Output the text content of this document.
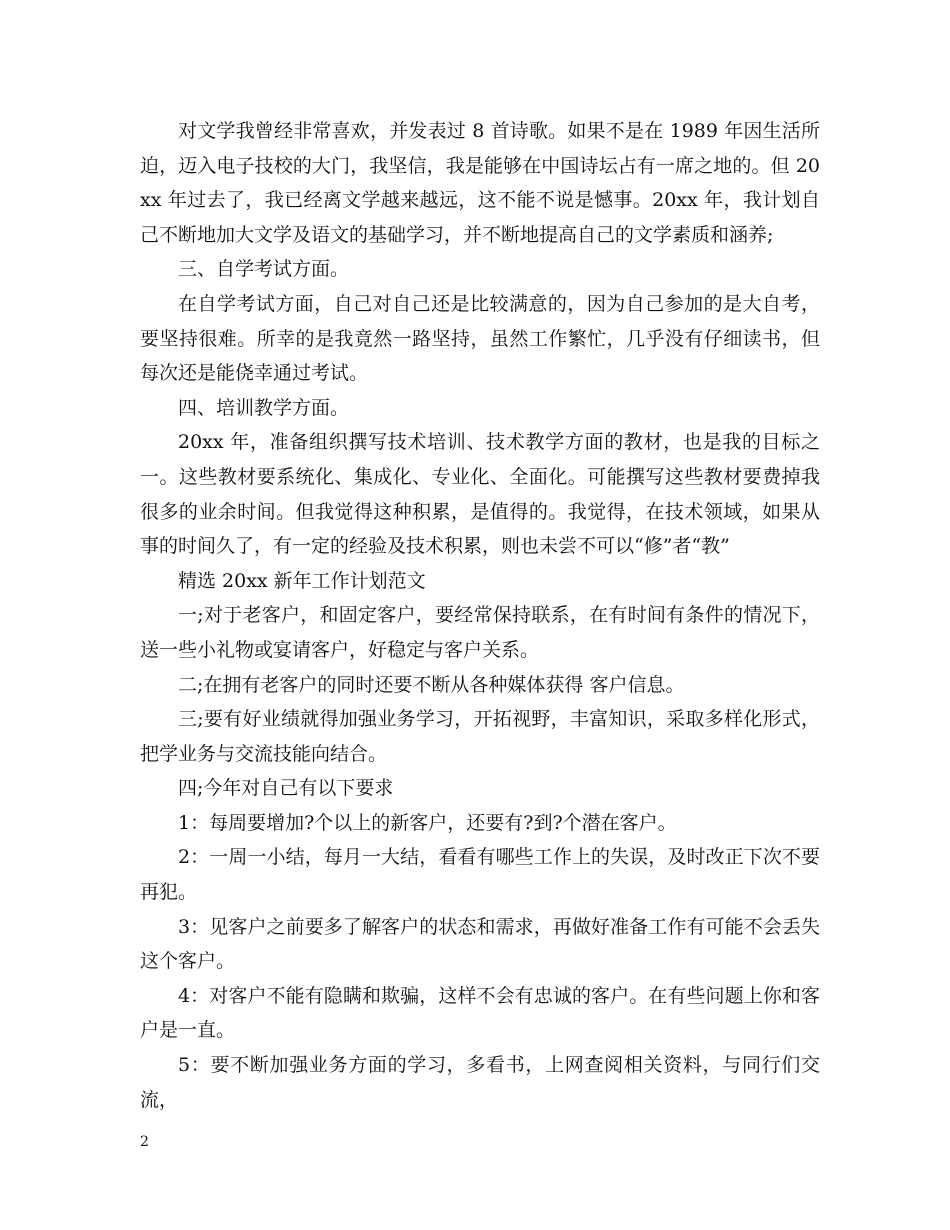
对文学我曾经非常喜欢，并发表过 8 首诗歌。如果不是在 1989 年因生活所迫，迈入电子技校的大门，我坚信，我是能够在中国诗坛占有一席之地的。但 20xx 年过去了，我已经离文学越来越远，这不能不说是憾事。20xx 年，我计划自己不断地加大文学及语文的基础学习，并不断地提高自己的文学素质和涵养;

三、自学考试方面。

在自学考试方面，自己对自己还是比较满意的，因为自己参加的是大自考，要坚持很难。所幸的是我竟然一路坚持，虽然工作繁忙，几乎没有仔细读书，但每次还是能侥幸通过考试。

四、培训教学方面。

20xx 年，准备组织撰写技术培训、技术教学方面的教材，也是我的目标之一。这些教材要系统化、集成化、专业化、全面化。可能撰写这些教材要费掉我很多的业余时间。但我觉得这种积累，是值得的。我觉得，在技术领域，如果从事的时间久了，有一定的经验及技术积累，则也未尝不可以“修”者“教”

精选 20xx 新年工作计划范文

一;对于老客户，和固定客户，要经常保持联系，在有时间有条件的情况下，送一些小礼物或宴请客户，好稳定与客户关系。

二;在拥有老客户的同时还要不断从各种媒体获得 客户信息。

三;要有好业绩就得加强业务学习，开拓视野，丰富知识，采取多样化形式，把学业务与交流技能向结合。

四;今年对自己有以下要求

1：每周要增加?个以上的新客户，还要有?到?个潜在客户。

2：一周一小结，每月一大结，看看有哪些工作上的失误，及时改正下次不要再犯。

3：见客户之前要多了解客户的状态和需求，再做好准备工作有可能不会丢失这个客户。

4：对客户不能有隐瞒和欺骗，这样不会有忠诚的客户。在有些问题上你和客户是一直。

5：要不断加强业务方面的学习，多看书，上网查阅相关资料，与同行们交流，

2
